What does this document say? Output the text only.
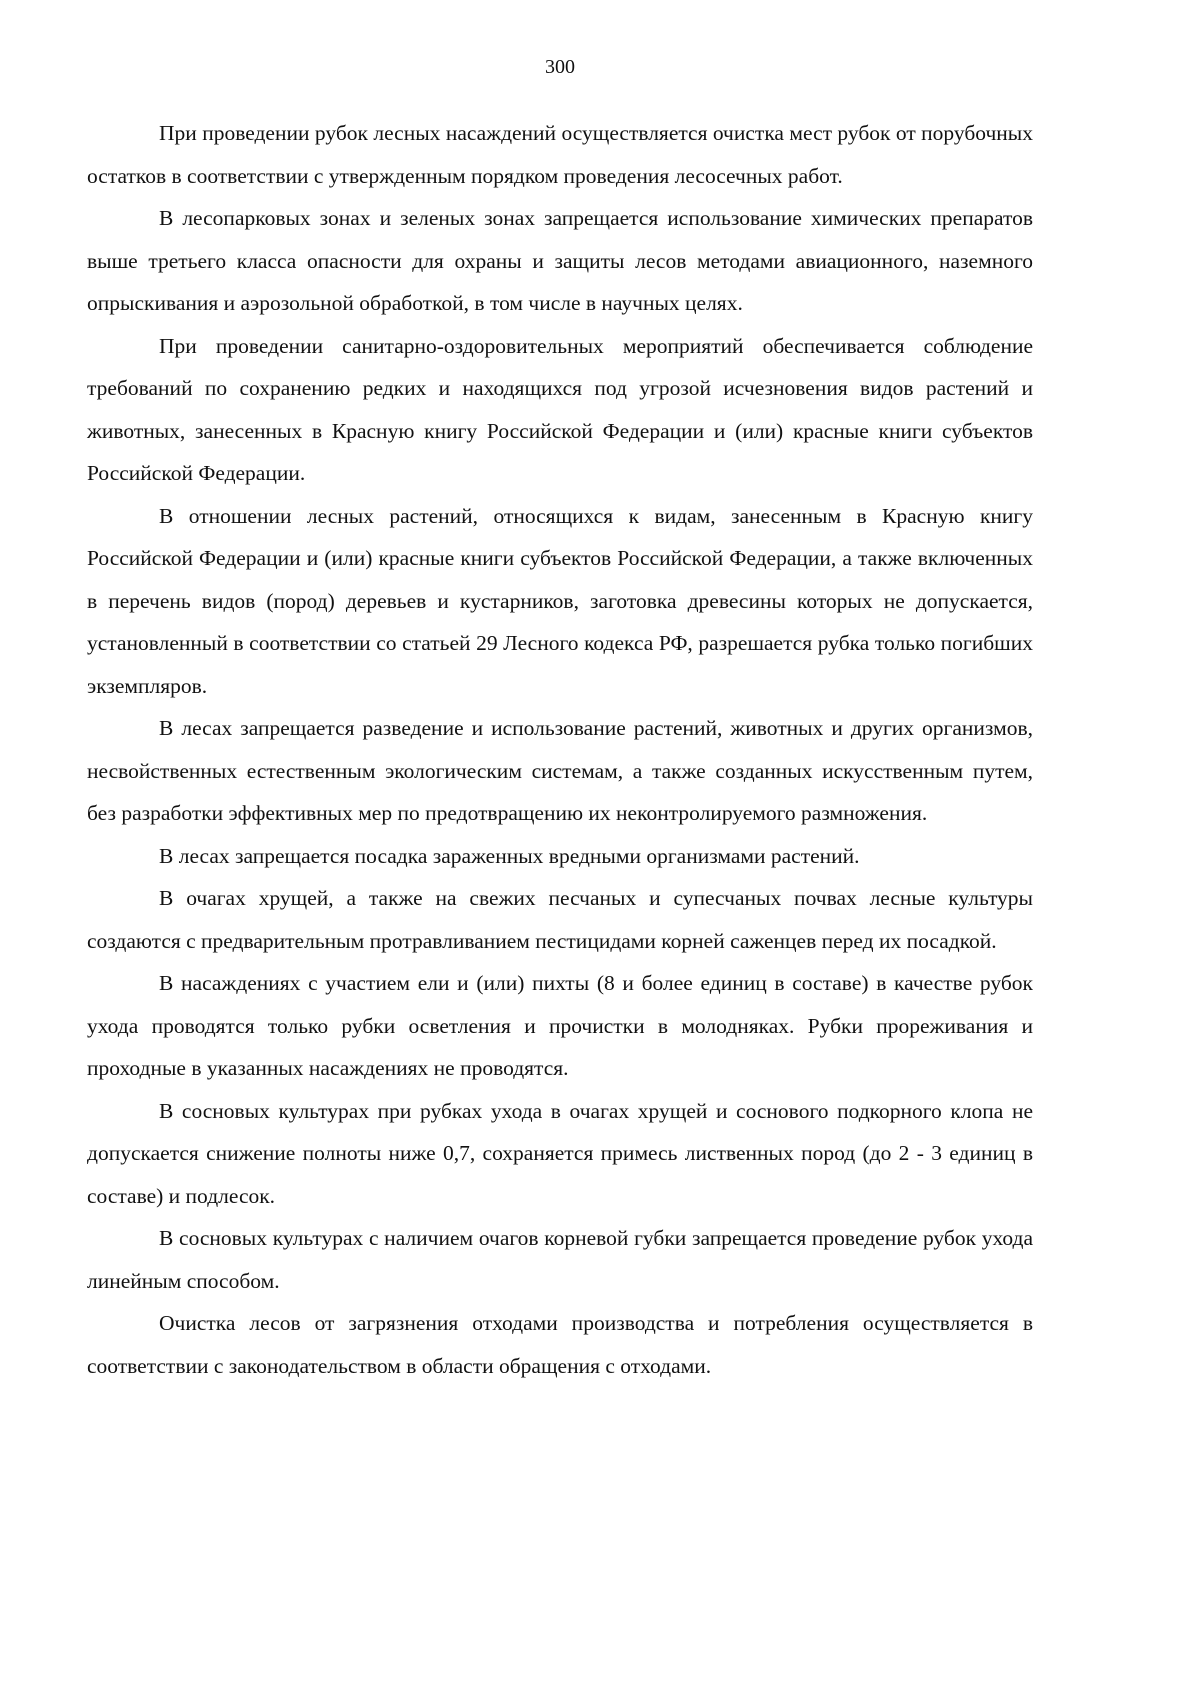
300

При проведении рубок лесных насаждений осуществляется очистка мест рубок от порубочных остатков в соответствии с утвержденным порядком проведения лесосечных работ.

В лесопарковых зонах и зеленых зонах запрещается использование химических препаратов выше третьего класса опасности для охраны и защиты лесов методами авиационного, наземного опрыскивания и аэрозольной обработкой, в том числе в научных целях.

При проведении санитарно-оздоровительных мероприятий обеспечивается соблюдение требований по сохранению редких и находящихся под угрозой исчезновения видов растений и животных, занесенных в Красную книгу Российской Федерации и (или) красные книги субъектов Российской Федерации.

В отношении лесных растений, относящихся к видам, занесенным в Красную книгу Российской Федерации и (или) красные книги субъектов Российской Федерации, а также включенных в перечень видов (пород) деревьев и кустарников, заготовка древесины которых не допускается, установленный в соответствии со статьей 29 Лесного кодекса РФ, разрешается рубка только погибших экземпляров.

В лесах запрещается разведение и использование растений, животных и других организмов, несвойственных естественным экологическим системам, а также созданных искусственным путем, без разработки эффективных мер по предотвращению их неконтролируемого размножения.

В лесах запрещается посадка зараженных вредными организмами растений.

В очагах хрущей, а также на свежих песчаных и супесчаных почвах лесные культуры создаются с предварительным протравливанием пестицидами корней саженцев перед их посадкой.

В насаждениях с участием ели и (или) пихты (8 и более единиц в составе) в качестве рубок ухода проводятся только рубки осветления и прочистки в молодняках. Рубки прореживания и проходные в указанных насаждениях не проводятся.

В сосновых культурах при рубках ухода в очагах хрущей и соснового подкорного клопа не допускается снижение полноты ниже 0,7, сохраняется примесь лиственных пород (до 2 - 3 единиц в составе) и подлесок.

В сосновых культурах с наличием очагов корневой губки запрещается проведение рубок ухода линейным способом.

Очистка лесов от загрязнения отходами производства и потребления осуществляется в соответствии с законодательством в области обращения с отходами.
